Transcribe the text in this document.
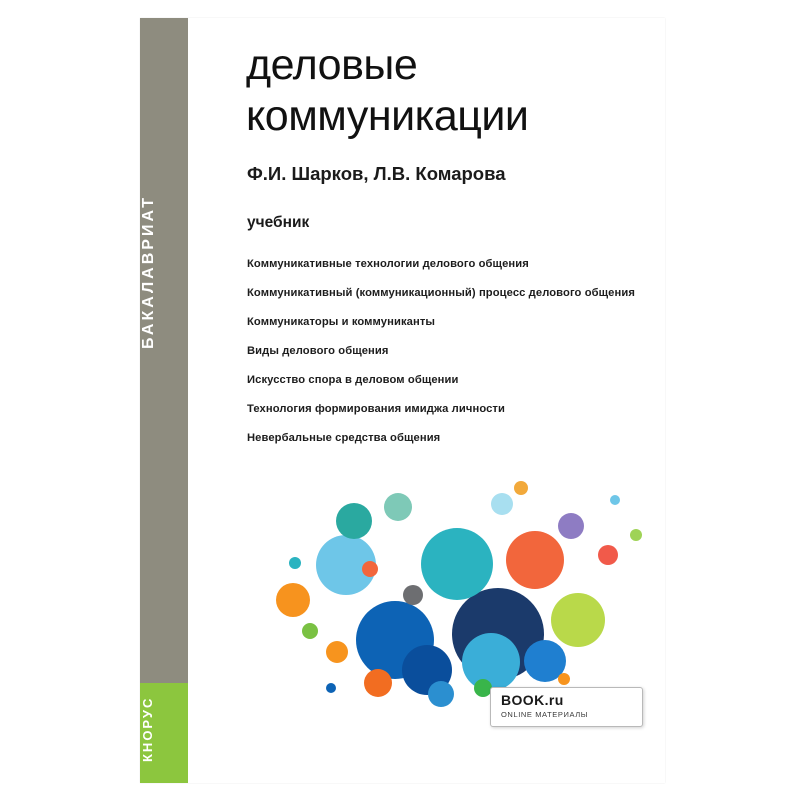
БАКАЛАВРИАТ
КНОРУС
деловые коммуникации
Ф.И. Шарков, Л.В. Комарова
учебник
Коммуникативные технологии делового общения
Коммуникативный (коммуникационный) процесс делового общения
Коммуникаторы и коммуниканты
Виды делового общения
Искусство спора в деловом общении
Технология формирования имиджа личности
Невербальные средства общения
BOOK.ru
ONLINE МАТЕРИАЛЫ
